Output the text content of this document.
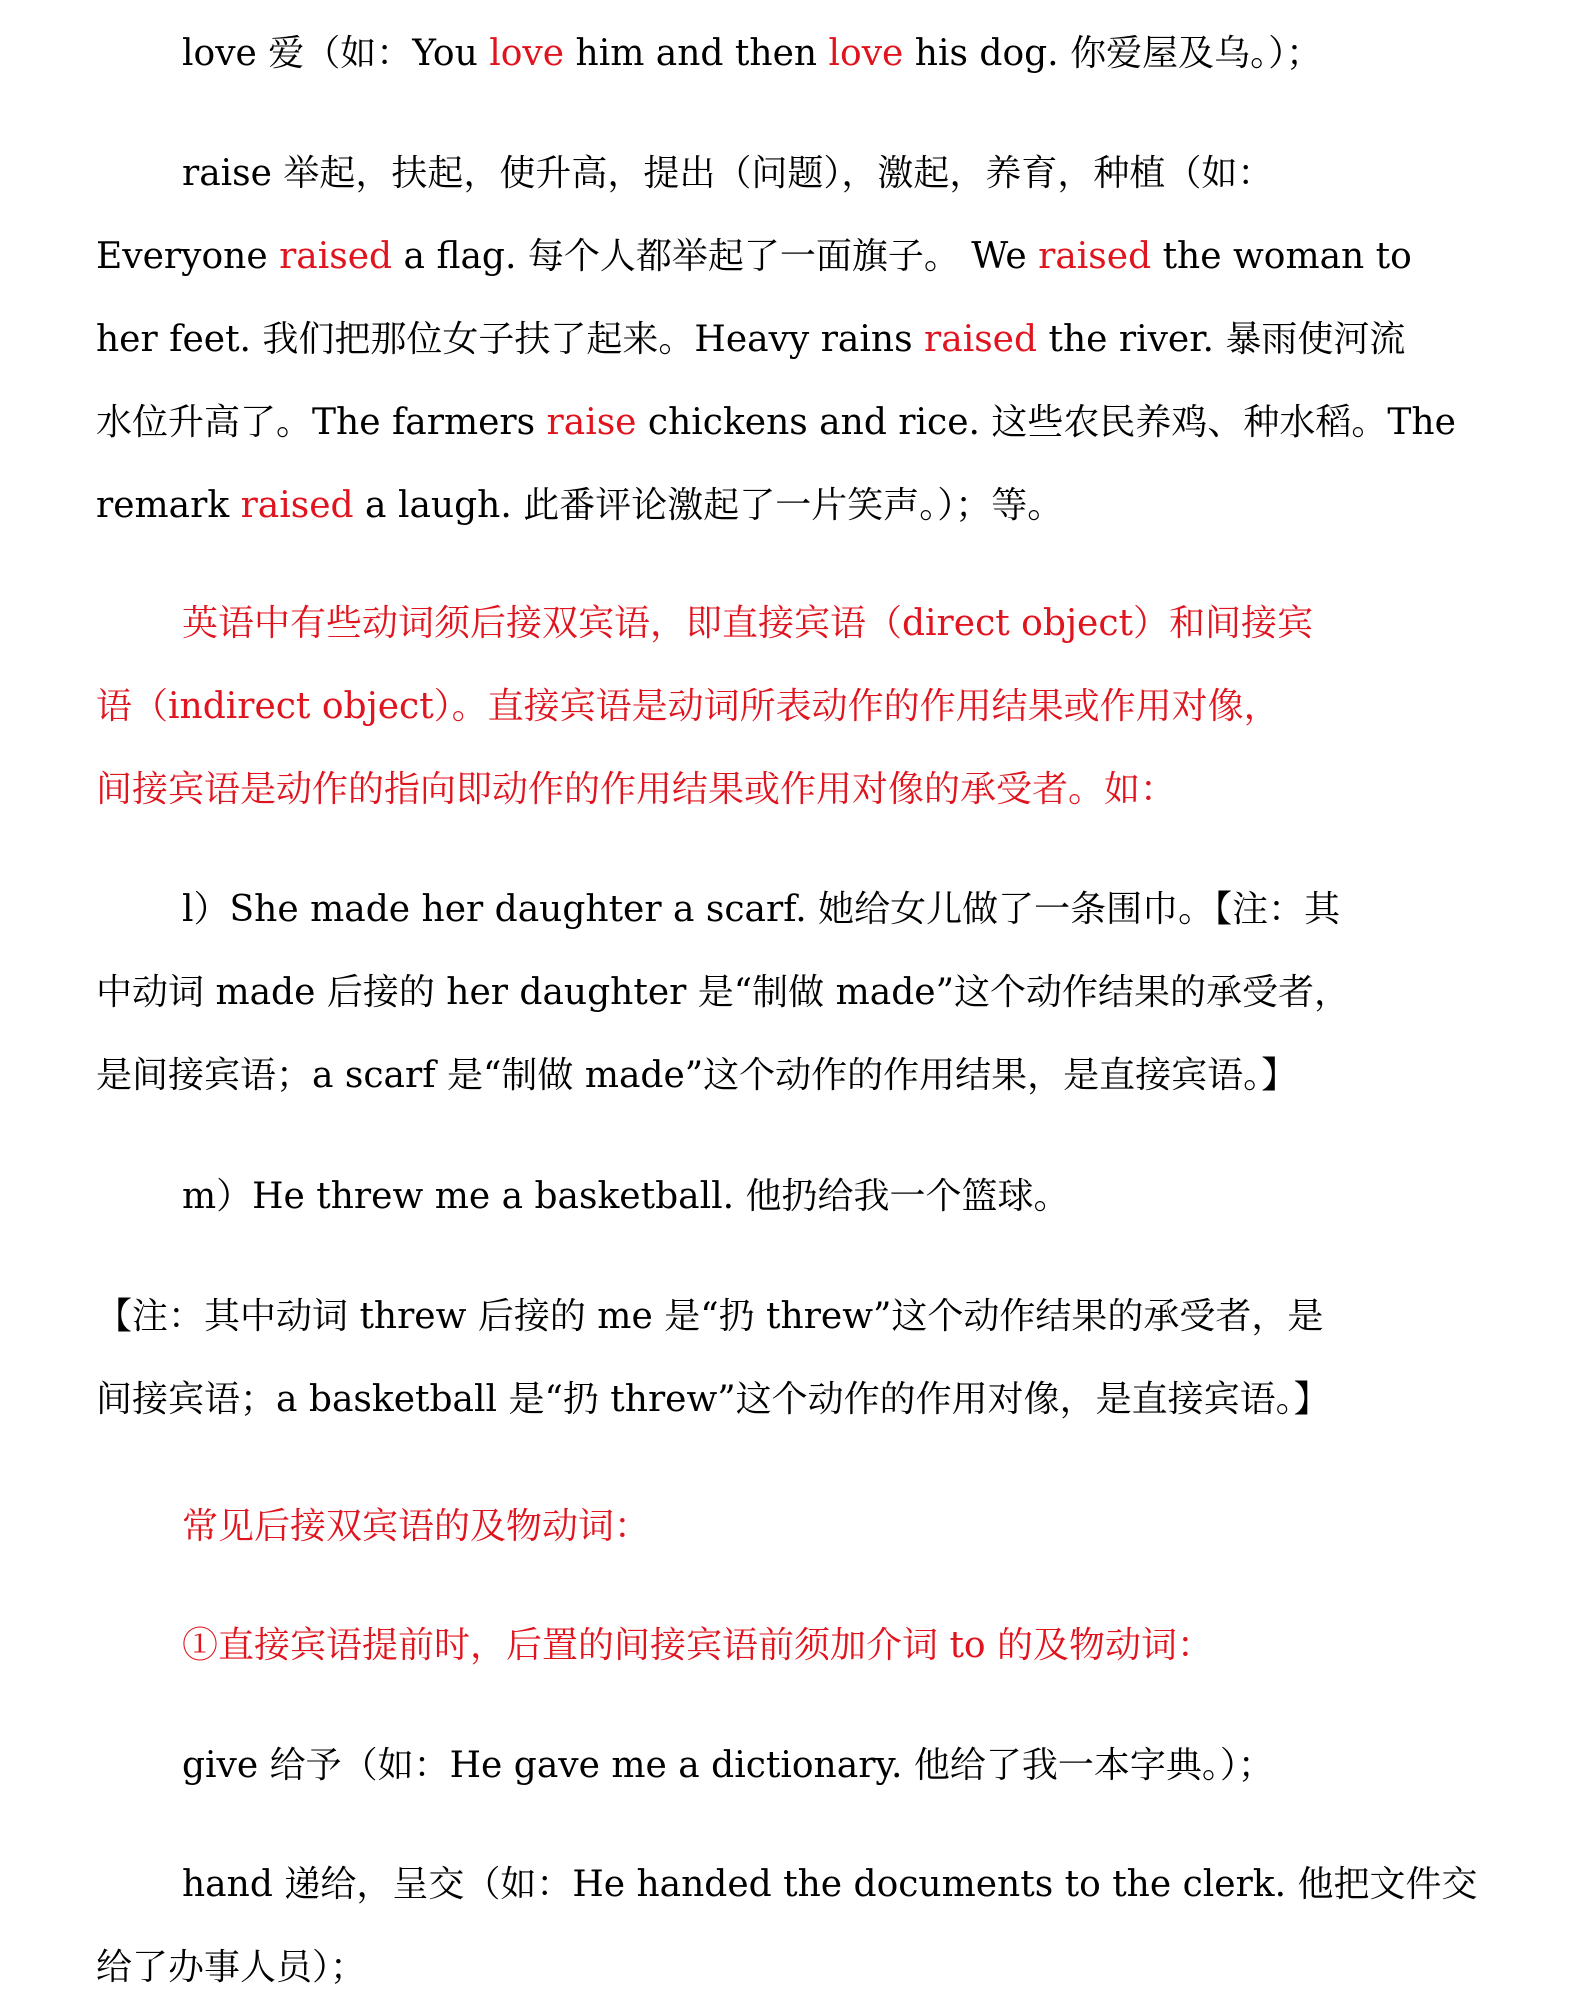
love 爱（如：You love him and then love his dog. 你爱屋及乌。）；
raise 举起，扶起，使升高，提出（问题），激起，养育，种植（如：
Everyone raised a flag. 每个人都举起了一面旗子。 We raised the woman to
her feet. 我们把那位女子扶了起来。Heavy rains raised the river. 暴雨使河流
水位升高了。The farmers raise chickens and rice. 这些农民养鸡、种水稻。The
remark raised a laugh. 此番评论激起了一片笑声。）；等。
英语中有些动词须后接双宾语，即直接宾语（direct object）和间接宾
语（indirect object）。直接宾语是动词所表动作的作用结果或作用对像，
间接宾语是动作的指向即动作的作用结果或作用对像的承受者。如：
l）She made her daughter a scarf. 她给女儿做了一条围巾。【注：其
中动词 made 后接的 her daughter 是“制做 made”这个动作结果的承受者，
是间接宾语；a scarf 是“制做 made”这个动作的作用结果，是直接宾语。】
m）He threw me a basketball. 他扔给我一个篮球。
【注：其中动词 threw 后接的 me 是“扔 threw”这个动作结果的承受者，是
间接宾语；a basketball 是“扔 threw”这个动作的作用对像，是直接宾语。】
常见后接双宾语的及物动词：
①直接宾语提前时，后置的间接宾语前须加介词 to 的及物动词：
give 给予（如：He gave me a dictionary. 他给了我一本字典。）；
hand 递给，呈交（如：He handed the documents to the clerk. 他把文件交
给了办事人员）；
